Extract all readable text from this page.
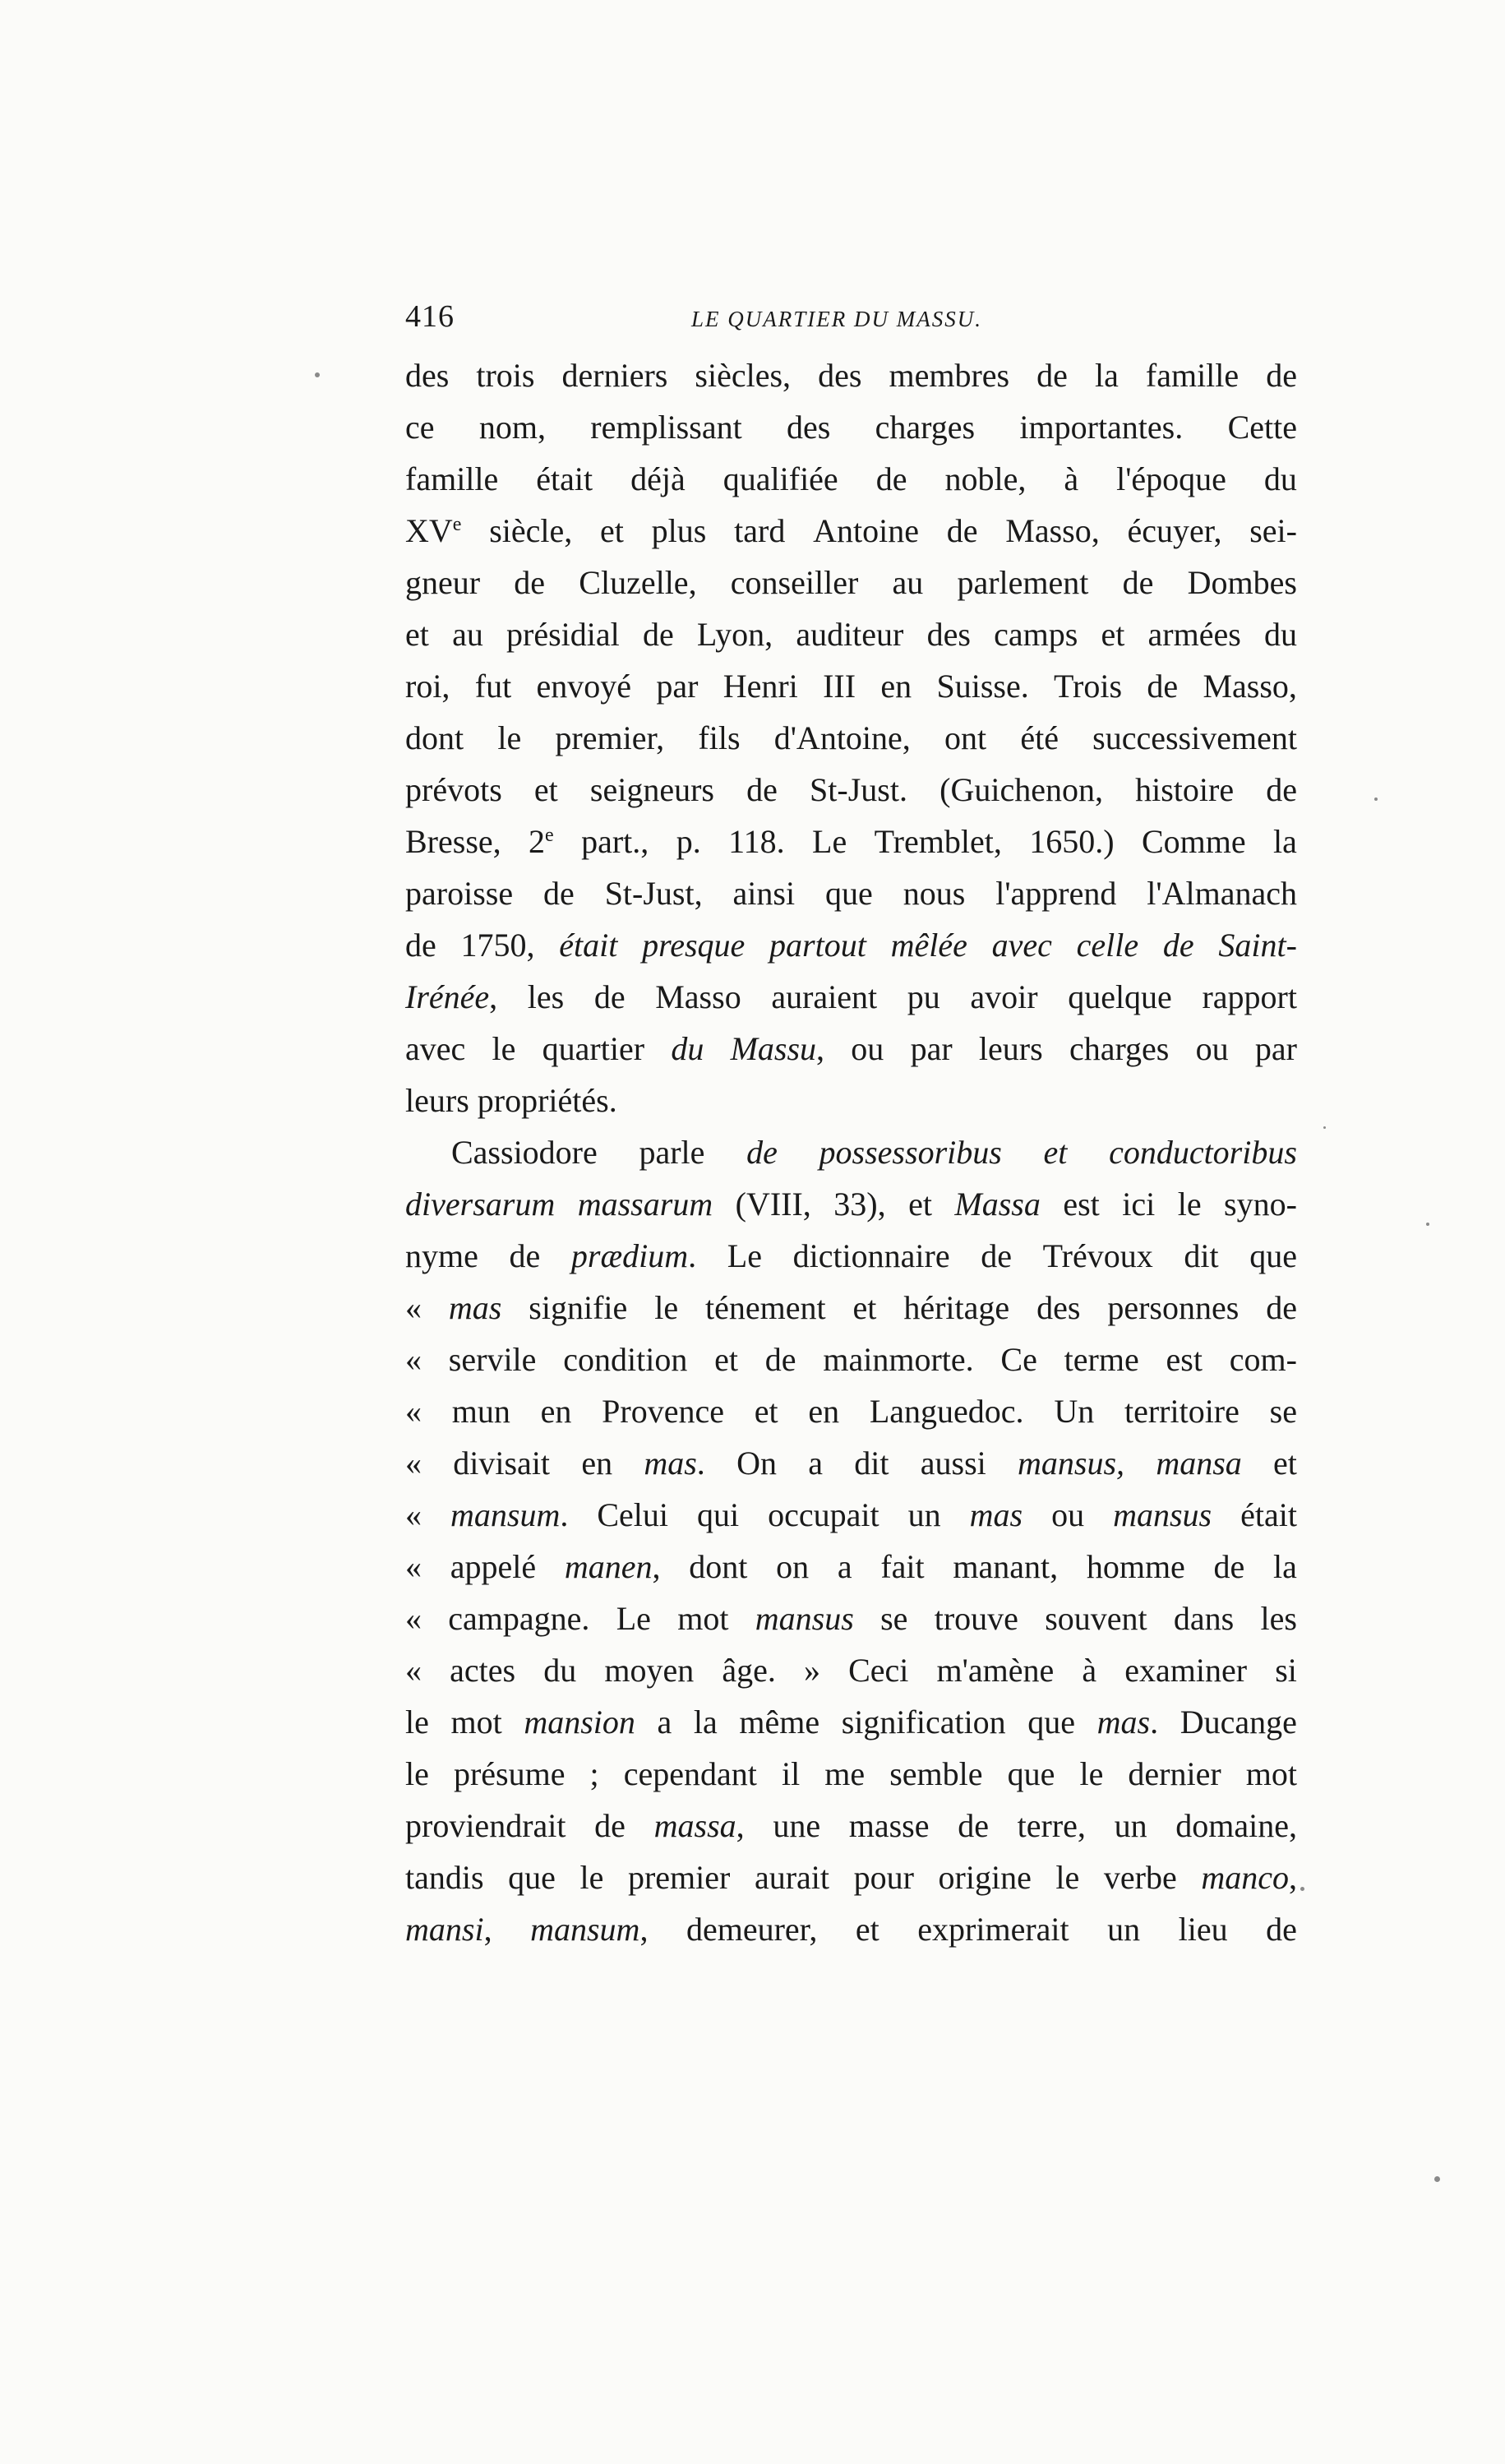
416	LE QUARTIER DU MASSU.
des trois derniers siècles, des membres de la famille de
ce nom, remplissant des charges importantes. Cette
famille était déjà qualifiée de noble, à l'époque du
XVe siècle, et plus tard Antoine de Masso, écuyer, sei-
gneur de Cluzelle, conseiller au parlement de Dombes
et au présidial de Lyon, auditeur des camps et armées du
roi, fut envoyé par Henri III en Suisse. Trois de Masso,
dont le premier, fils d'Antoine, ont été successivement
prévots et seigneurs de St-Just. (Guichenon, histoire de
Bresse, 2e part., p. 118. Le Tremblet, 1650.) Comme la
paroisse de St-Just, ainsi que nous l'apprend l'Almanach
de 1750, était presque partout mêlée avec celle de Saint-
Irénée, les de Masso auraient pu avoir quelque rapport
avec le quartier du Massu, ou par leurs charges ou par
leurs propriétés.
Cassiodore parle de possessoribus et conductoribus
diversarum massarum (VIII, 33), et Massa est ici le syno-
nyme de prædium. Le dictionnaire de Trévoux dit que
« mas signifie le ténement et héritage des personnes de
« servile condition et de mainmorte. Ce terme est com-
« mun en Provence et en Languedoc. Un territoire se
« divisait en mas. On a dit aussi mansus, mansa et
« mansum. Celui qui occupait un mas ou mansus était
« appelé manen, dont on a fait manant, homme de la
« campagne. Le mot mansus se trouve souvent dans les
« actes du moyen âge. » Ceci m'amène à examiner si
le mot mansion a la même signification que mas. Ducange
le présume ; cependant il me semble que le dernier mot
proviendrait de massa, une masse de terre, un domaine,
tandis que le premier aurait pour origine le verbe manco,
mansi, mansum, demeurer, et exprimerait un lieu de
